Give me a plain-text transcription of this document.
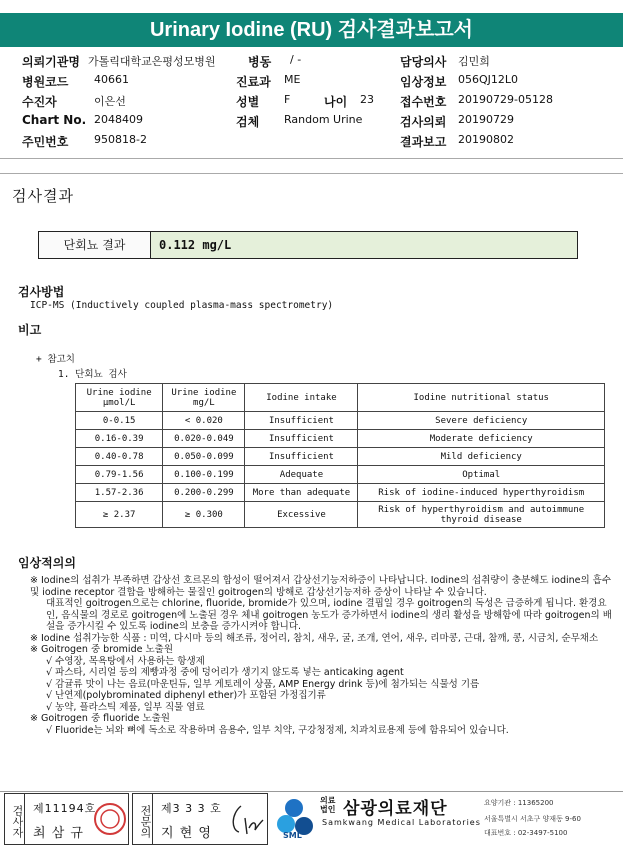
Urinary Iodine (RU) 검사결과보고서
의뢰기관명 가톨릭대학교은평성모병원	병동 / -	담당의사 김민희
병원코드 40661	진료과 ME	임상정보 056QJ12L0
수진자	이은선	성별 F	나이 23 접수번호 20190729-05128
Chart No. 2048409	검체 Random Urine	검사의뢰 20190729
주민번호 950818-2	결과보고 20190802
검사결과
단회뇨 결과	0.112 mg/L
검사방법
ICP-MS (Inductively coupled plasma-mass spectrometry)
비고
+ 참고치
1. 단회뇨 검사
Urine iodine μmol/L	Urine iodine mg/L	Iodine intake	Iodine nutritional status
0-0.15	< 0.020	Insufficient	Severe deficiency
0.16-0.39	0.020-0.049	Insufficient	Moderate deficiency
0.40-0.78	0.050-0.099	Insufficient	Mild deficiency
0.79-1.56	0.100-0.199	Adequate	Optimal
1.57-2.36	0.200-0.299	More than adequate	Risk of iodine-induced hyperthyroidism
≥ 2.37	≥ 0.300	Excessive	Risk of hyperthyroidism and autoimmune thyroid disease
임상적의의
※ Iodine의 섭취가 부족하면 갑상선 호르몬의 합성이 떨어져서 갑상선기능저하증이 나타납니다. Iodine의 섭취량이 충분해도 iodine의 흡수 및 iodine receptor 결합을 방해하는 물질인 goitrogen의 방해로 갑상선기능저하 증상이 나타날 수 있습니다.
대표적인 goitrogen으로는 chlorine, fluoride, bromide가 있으며, iodine 결핍일 경우 goitrogen의 독성은 급증하게 됩니다. 환경요인, 음식물의 경로로 goitrogen에 노출된 경우 체내 goitrogen 농도가 증가하면서 iodine의 생리 활성을 방해함에 따라 goitrogen의 배설을 증가시킬 수 있도록 iodine의 보충을 증가시켜야 합니다.
※ Iodine 섭취가능한 식품 : 미역, 다시마 등의 해조류, 정어리, 참치, 새우, 굴, 조개, 연어, 새우, 리마콩, 근대, 참깨, 콩, 시금치, 순무채소
※ Goitrogen 중 bromide 노출원
√ 수영장, 목욕탕에서 사용하는 항생제
√ 파스타, 시리얼 등의 제빵과정 중에 덩어리가 생기지 않도록 넣는 anticaking agent
√ 감귤류 맛이 나는 음료(마운틴듀, 일부 게토레이 상품, AMP Energy drink 등)에 첨가되는 식물성 기름
√ 난연제(polybrominated diphenyl ether)가 포함된 가정집기류
√ 농약, 플라스틱 제품, 일부 직물 염료
※ Goitrogen 중 fluoride 노출원
√ Fluoride는 뇌와 뼈에 독소로 작용하며 음용수, 일부 치약, 구강청정제, 치과치료용제 등에 함유되어 있습니다.
검사자 제11194호
최 삼 규	전문의 제3 3 3 호
지 현 영	SML
의료법인 삼광의료재단
Samkwang Medical Laboratories
요양기관 : 11365200
서울특별시 서초구 양재동 9-60
대표번호 : 02-3497-5100
